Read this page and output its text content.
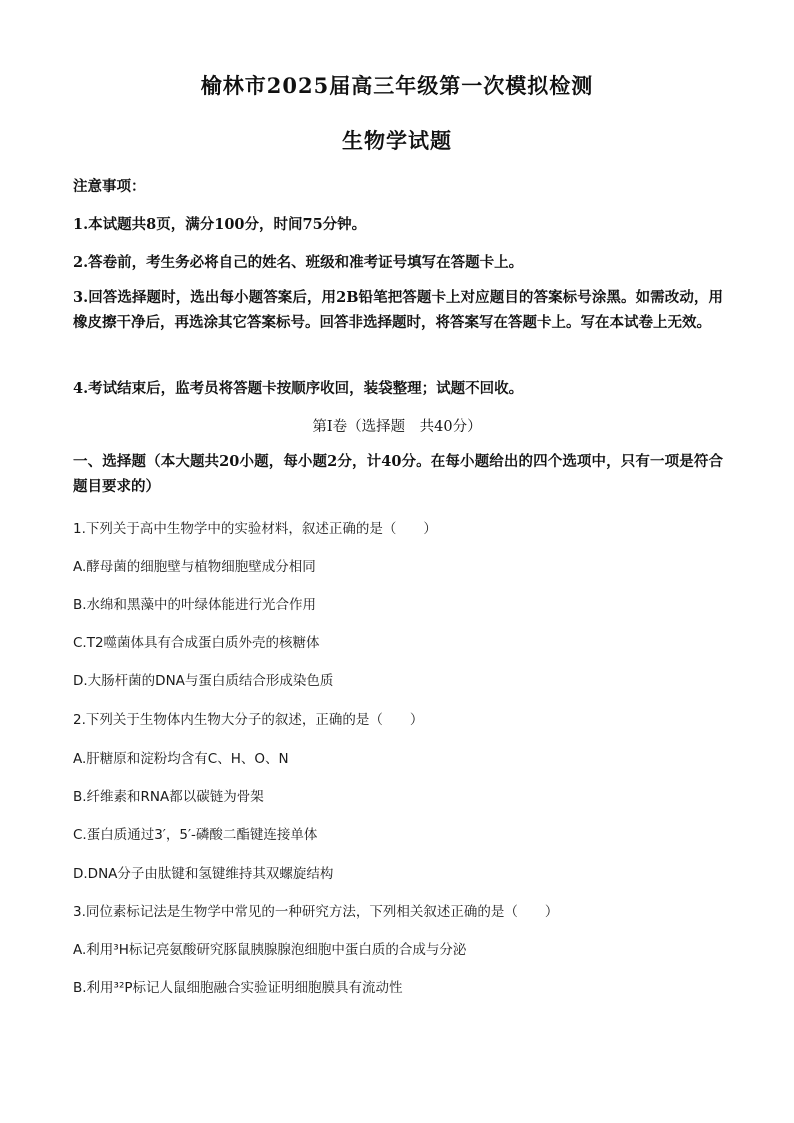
榆林市2025届高三年级第一次模拟检测
生物学试题
注意事项：
1.本试题共8页，满分100分，时间75分钟。
2.答卷前，考生务必将自己的姓名、班级和准考证号填写在答题卡上。
3.回答选择题时，选出每小题答案后，用2B铅笔把答题卡上对应题目的答案标号涂黑。如需改动，用橡皮擦干净后，再选涂其它答案标号。回答非选择题时，将答案写在答题卡上。写在本试卷上无效。
4.考试结束后，监考员将答题卡按顺序收回，装袋整理；试题不回收。
第Ⅰ卷（选择题　共40分）
一、选择题（本大题共20小题，每小题2分，计40分。在每小题给出的四个选项中，只有一项是符合题目要求的）
1.下列关于高中生物学中的实验材料，叙述正确的是（　　）
A.酵母菌的细胞壁与植物细胞壁成分相同
B.水绵和黑藻中的叶绿体能进行光合作用
C.T2噬菌体具有合成蛋白质外壳的核糖体
D.大肠杆菌的DNA与蛋白质结合形成染色质
2.下列关于生物体内生物大分子的叙述，正确的是（　　）
A.肝糖原和淀粉均含有C、H、O、N
B.纤维素和RNA都以碳链为骨架
C.蛋白质通过3′，5′-磷酸二酯键连接单体
D.DNA分子由肽键和氢键维持其双螺旋结构
3.同位素标记法是生物学中常见的一种研究方法，下列相关叙述正确的是（　　）
A.利用³H标记亮氨酸研究豚鼠胰腺腺泡细胞中蛋白质的合成与分泌
B.利用³²P标记人鼠细胞融合实验证明细胞膜具有流动性
